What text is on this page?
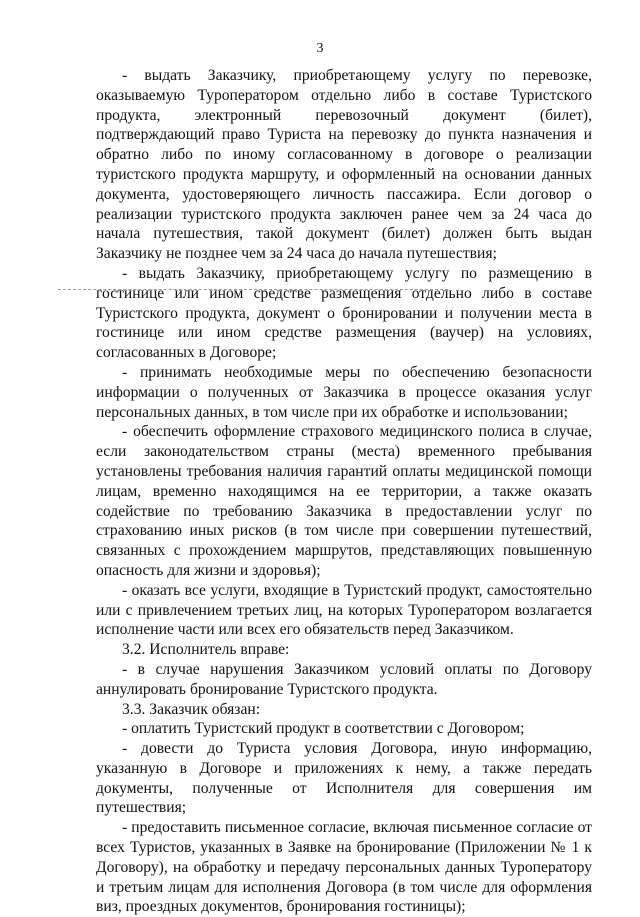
3

- выдать Заказчику, приобретающему услугу по перевозке, оказываемую Туроператором отдельно либо в составе Туристского продукта, электронный перевозочный документ (билет), подтверждающий право Туриста на перевозку до пункта назначения и обратно либо по иному согласованному в договоре о реализации туристского продукта маршруту, и оформленный на основании данных документа, удостоверяющего личность пассажира. Если договор о реализации туристского продукта заключен ранее чем за 24 часа до начала путешествия, такой документ (билет) должен быть выдан Заказчику не позднее чем за 24 часа до начала путешествия;

- выдать Заказчику, приобретающему услугу по размещению в гостинице или ином средстве размещения отдельно либо в составе Туристского продукта, документ о бронировании и получении места в гостинице или ином средстве размещения (ваучер) на условиях, согласованных в Договоре;

- принимать необходимые меры по обеспечению безопасности информации о полученных от Заказчика в процессе оказания услуг персональных данных, в том числе при их обработке и использовании;

- обеспечить оформление страхового медицинского полиса в случае, если законодательством страны (места) временного пребывания установлены требования наличия гарантий оплаты медицинской помощи лицам, временно находящимся на ее территории, а также оказать содействие по требованию Заказчика в предоставлении услуг по страхованию иных рисков (в том числе при совершении путешествий, связанных с прохождением маршрутов, представляющих повышенную опасность для жизни и здоровья);

- оказать все услуги, входящие в Туристский продукт, самостоятельно или с привлечением третьих лиц, на которых Туроператором возлагается исполнение части или всех его обязательств перед Заказчиком.

3.2. Исполнитель вправе:

- в случае нарушения Заказчиком условий оплаты по Договору аннулировать бронирование Туристского продукта.

3.3. Заказчик обязан:

- оплатить Туристский продукт в соответствии с Договором;

- довести до Туриста условия Договора, иную информацию, указанную в Договоре и приложениях к нему, а также передать документы, полученные от Исполнителя для совершения им путешествия;

- предоставить письменное согласие, включая письменное согласие от всех Туристов, указанных в Заявке на бронирование (Приложении № 1 к Договору), на обработку и передачу персональных данных Туроператору и третьим лицам для исполнения Договора (в том числе для оформления виз, проездных документов, бронирования гостиницы);
